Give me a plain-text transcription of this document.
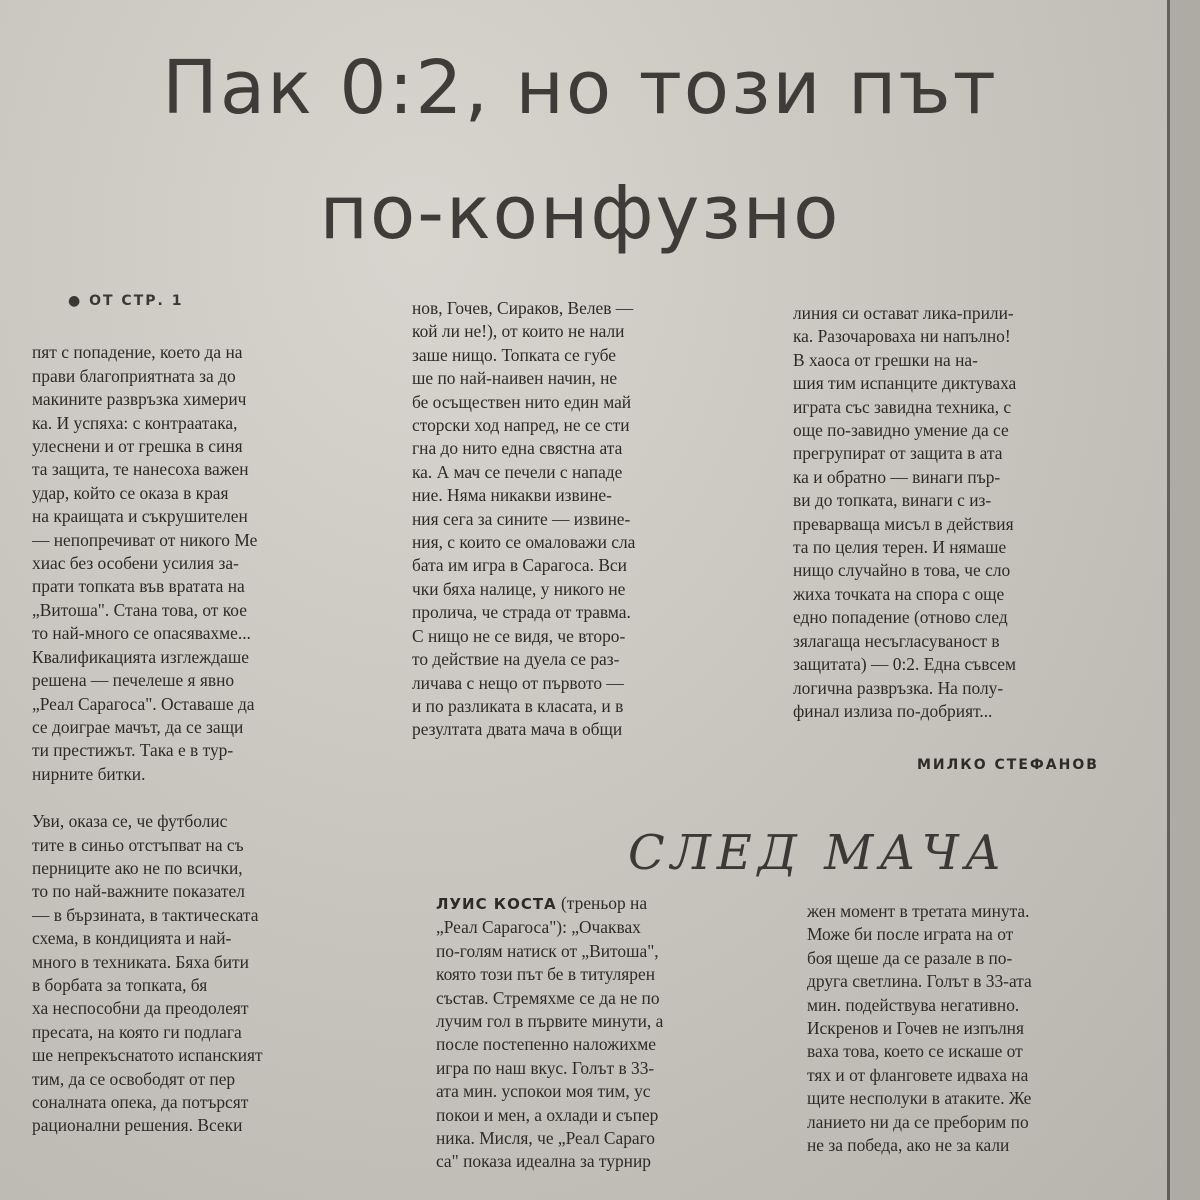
Пак 0:2, но този път
по-конфузно
● ОТ СТР. 1

пят с попадение, което да на

прави благоприятната за до

макините развръзка химерич

ка. И успяха: с контраатака,

улеснени и от грешка в синя

та защита, те нанесоха важен

удар, който се оказа в края

на краищата и съкрушителен

— непопречиват от никого Ме

хиас без особени усилия за-

прати топката във вратата на

„Витоша". Стана това, от кое

то най-много се опасявахме...

Квалификацията изглеждаше

решена — печелеше я явно

„Реал Сарагоса". Оставаше да

се доиграе мачът, да се защи

ти престижът. Така е в тур-

нирните битки.

Уви, оказа се, че футболис

тите в синьо отстъпват на съ

перниците ако не по всички,

то по най-важните показател

— в бързината, в тактическата

схема, в кондицията и най-

много в техниката. Бяха бити

в борбата за топката, бя

ха неспособни да преодолеят

пресата, на която ги подлага

ше непрекъснатото испанският

тим, да се освободят от пер

соналната опека, да потърсят

рационални решения. Всеки

нов, Гочев, Сираков, Велев —

кой ли не!), от които не нали

заше нищо. Топката се губе

ше по най-наивен начин, не

бе осъществен нито един май

сторски ход напред, не се сти

гна до нито една свястна ата

ка. А мач се печели с нападе

ние. Няма никакви извине-

ния сега за сините — извине-

ния, с които се омаловажи сла

бата им игра в Сарагоса. Вси

чки бяха налице, у никого не

пролича, че страда от травма.

С нищо не се видя, че второ-

то действие на дуела се раз-

личава с нещо от първото —

и по разликата в класата, и в

резултата двата мача в общи

линия си остават лика-прили-

ка. Разочароваха ни напълно!

В хаоса от грешки на на-

шия тим испанците диктуваха

играта със завидна техника, с

още по-завидно умение да се

прегрупират от защита в ата

ка и обратно — винаги пър-

ви до топката, винаги с из-

преварваща мисъл в действия

та по целия терен. И нямаше

нищо случайно в това, че сло

жиха точката на спора с още

едно попадение (отново след

зялагаща несъгласуваност в

защитата) — 0:2. Една съвсем

логична развръзка. На полу-

финал излиза по-добрият...

МИЛКО СТЕФАНОВ
СЛЕД МАЧА

ЛУИС КОСТА (треньор на

„Реал Сарагоса"): „Очаквах

по-голям натиск от „Витоша",

която този път бе в титулярен

състав. Стремяхме се да не по

лучим гол в първите минути, а

после постепенно наложихме

игра по наш вкус. Голът в 33-

ата мин. успокои моя тим, ус

покои и мен, а охлади и съпер

ника. Мисля, че „Реал Сараго

са" показа идеална за турнир

жен момент в третата минута.

Може би после играта на от

боя щеше да се разале в по-

друга светлина. Голът в 33-ата

мин. подействува негативно.

Искренов и Гочев не изпълня

ваха това, което се искаше от

тях и от фланговете идваха на

щите несполуки в атаките. Же

ланието ни да се преборим по

не за победа, ако не за кали
